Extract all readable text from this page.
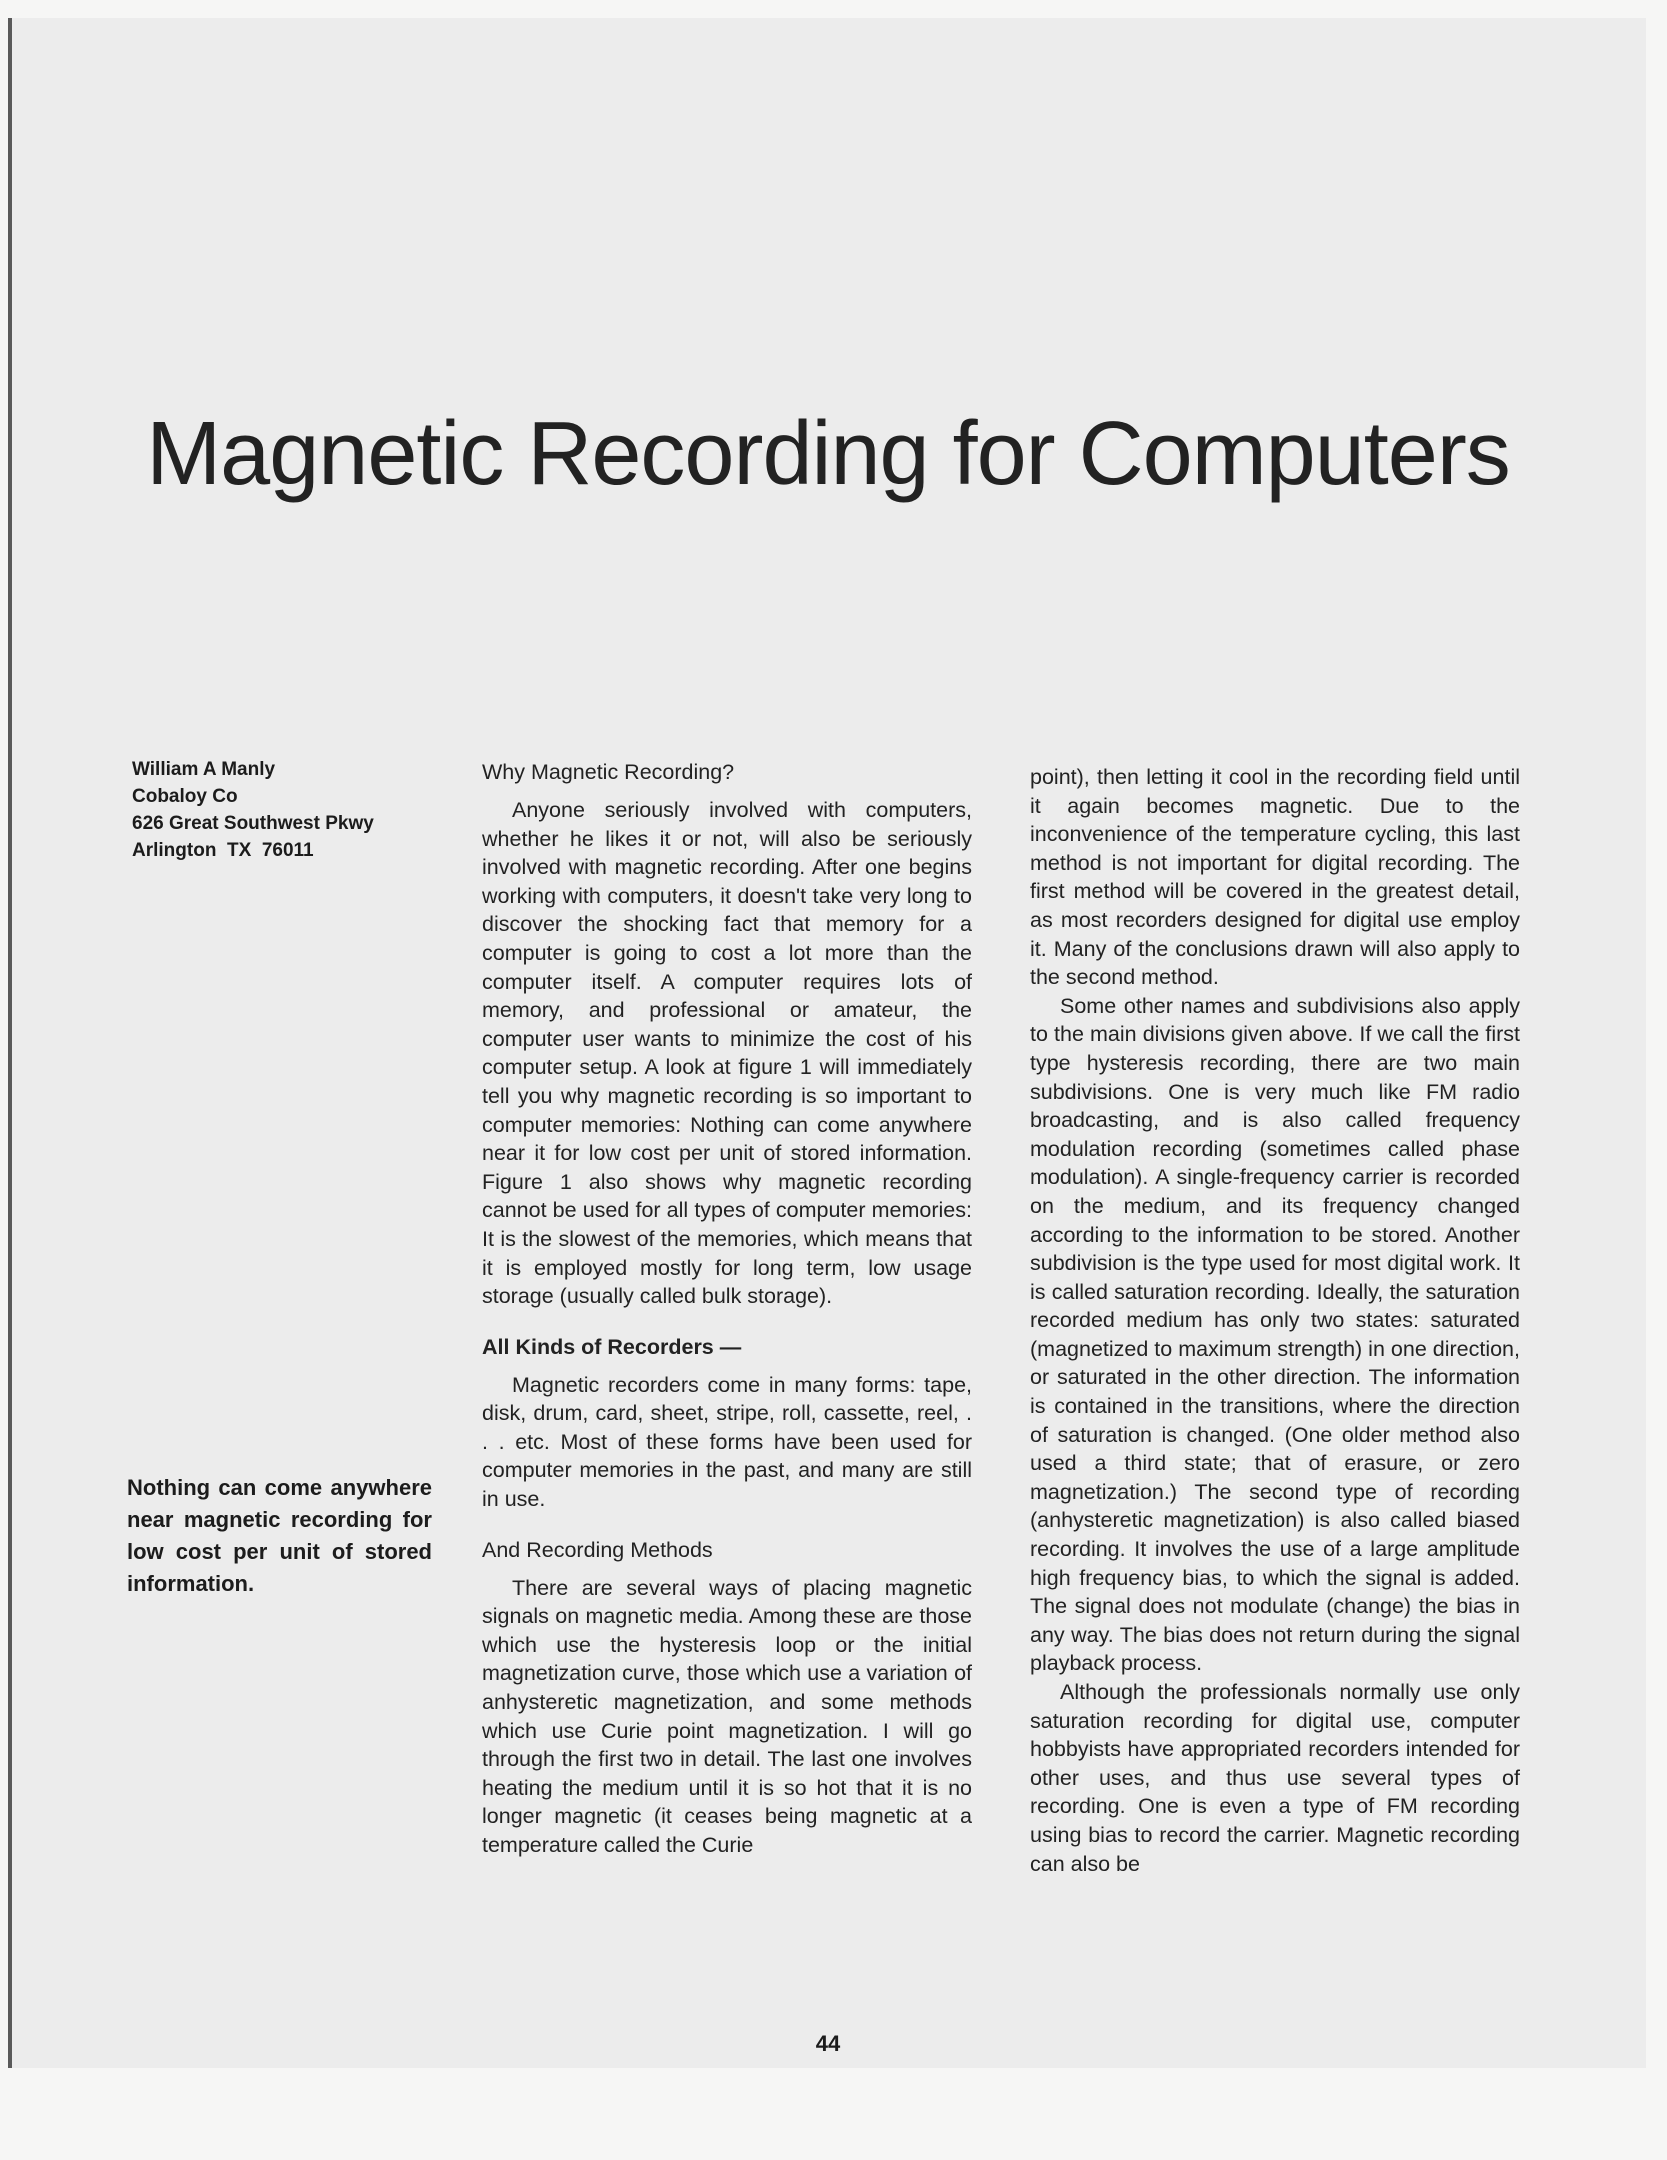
Magnetic Recording for Computers
William A Manly
Cobaloy Co
626 Great Southwest Pkwy
Arlington  TX  76011
Nothing can come anywhere near magnetic recording for low cost per unit of stored information.
Why Magnetic Recording?

Anyone seriously involved with computers, whether he likes it or not, will also be seriously involved with magnetic recording. After one begins working with computers, it doesn't take very long to discover the shocking fact that memory for a computer is going to cost a lot more than the computer itself. A computer requires lots of memory, and professional or amateur, the computer user wants to minimize the cost of his computer setup. A look at figure 1 will immediately tell you why magnetic recording is so important to computer memories: Nothing can come anywhere near it for low cost per unit of stored information. Figure 1 also shows why magnetic recording cannot be used for all types of computer memories: It is the slowest of the memories, which means that it is employed mostly for long term, low usage storage (usually called bulk storage).

All Kinds of Recorders —

Magnetic recorders come in many forms: tape, disk, drum, card, sheet, stripe, roll, cassette, reel, . . . etc. Most of these forms have been used for computer memories in the past, and many are still in use.

And Recording Methods

There are several ways of placing magnetic signals on magnetic media. Among these are those which use the hysteresis loop or the initial magnetization curve, those which use a variation of anhysteretic magnetization, and some methods which use Curie point magnetization. I will go through the first two in detail. The last one involves heating the medium until it is so hot that it is no longer magnetic (it ceases being magnetic at a temperature called the Curie

point), then letting it cool in the recording field until it again becomes magnetic. Due to the inconvenience of the temperature cycling, this last method is not important for digital recording. The first method will be covered in the greatest detail, as most recorders designed for digital use employ it. Many of the conclusions drawn will also apply to the second method.

Some other names and subdivisions also apply to the main divisions given above. If we call the first type hysteresis recording, there are two main subdivisions. One is very much like FM radio broadcasting, and is also called frequency modulation recording (sometimes called phase modulation). A single-frequency carrier is recorded on the medium, and its frequency changed according to the information to be stored. Another subdivision is the type used for most digital work. It is called saturation recording. Ideally, the saturation recorded medium has only two states: saturated (magnetized to maximum strength) in one direction, or saturated in the other direction. The information is contained in the transitions, where the direction of saturation is changed. (One older method also used a third state; that of erasure, or zero magnetization.) The second type of recording (anhysteretic magnetization) is also called biased recording. It involves the use of a large amplitude high frequency bias, to which the signal is added. The signal does not modulate (change) the bias in any way. The bias does not return during the signal playback process.

Although the professionals normally use only saturation recording for digital use, computer hobbyists have appropriated recorders intended for other uses, and thus use several types of recording. One is even a type of FM recording using bias to record the carrier. Magnetic recording can also be

44
